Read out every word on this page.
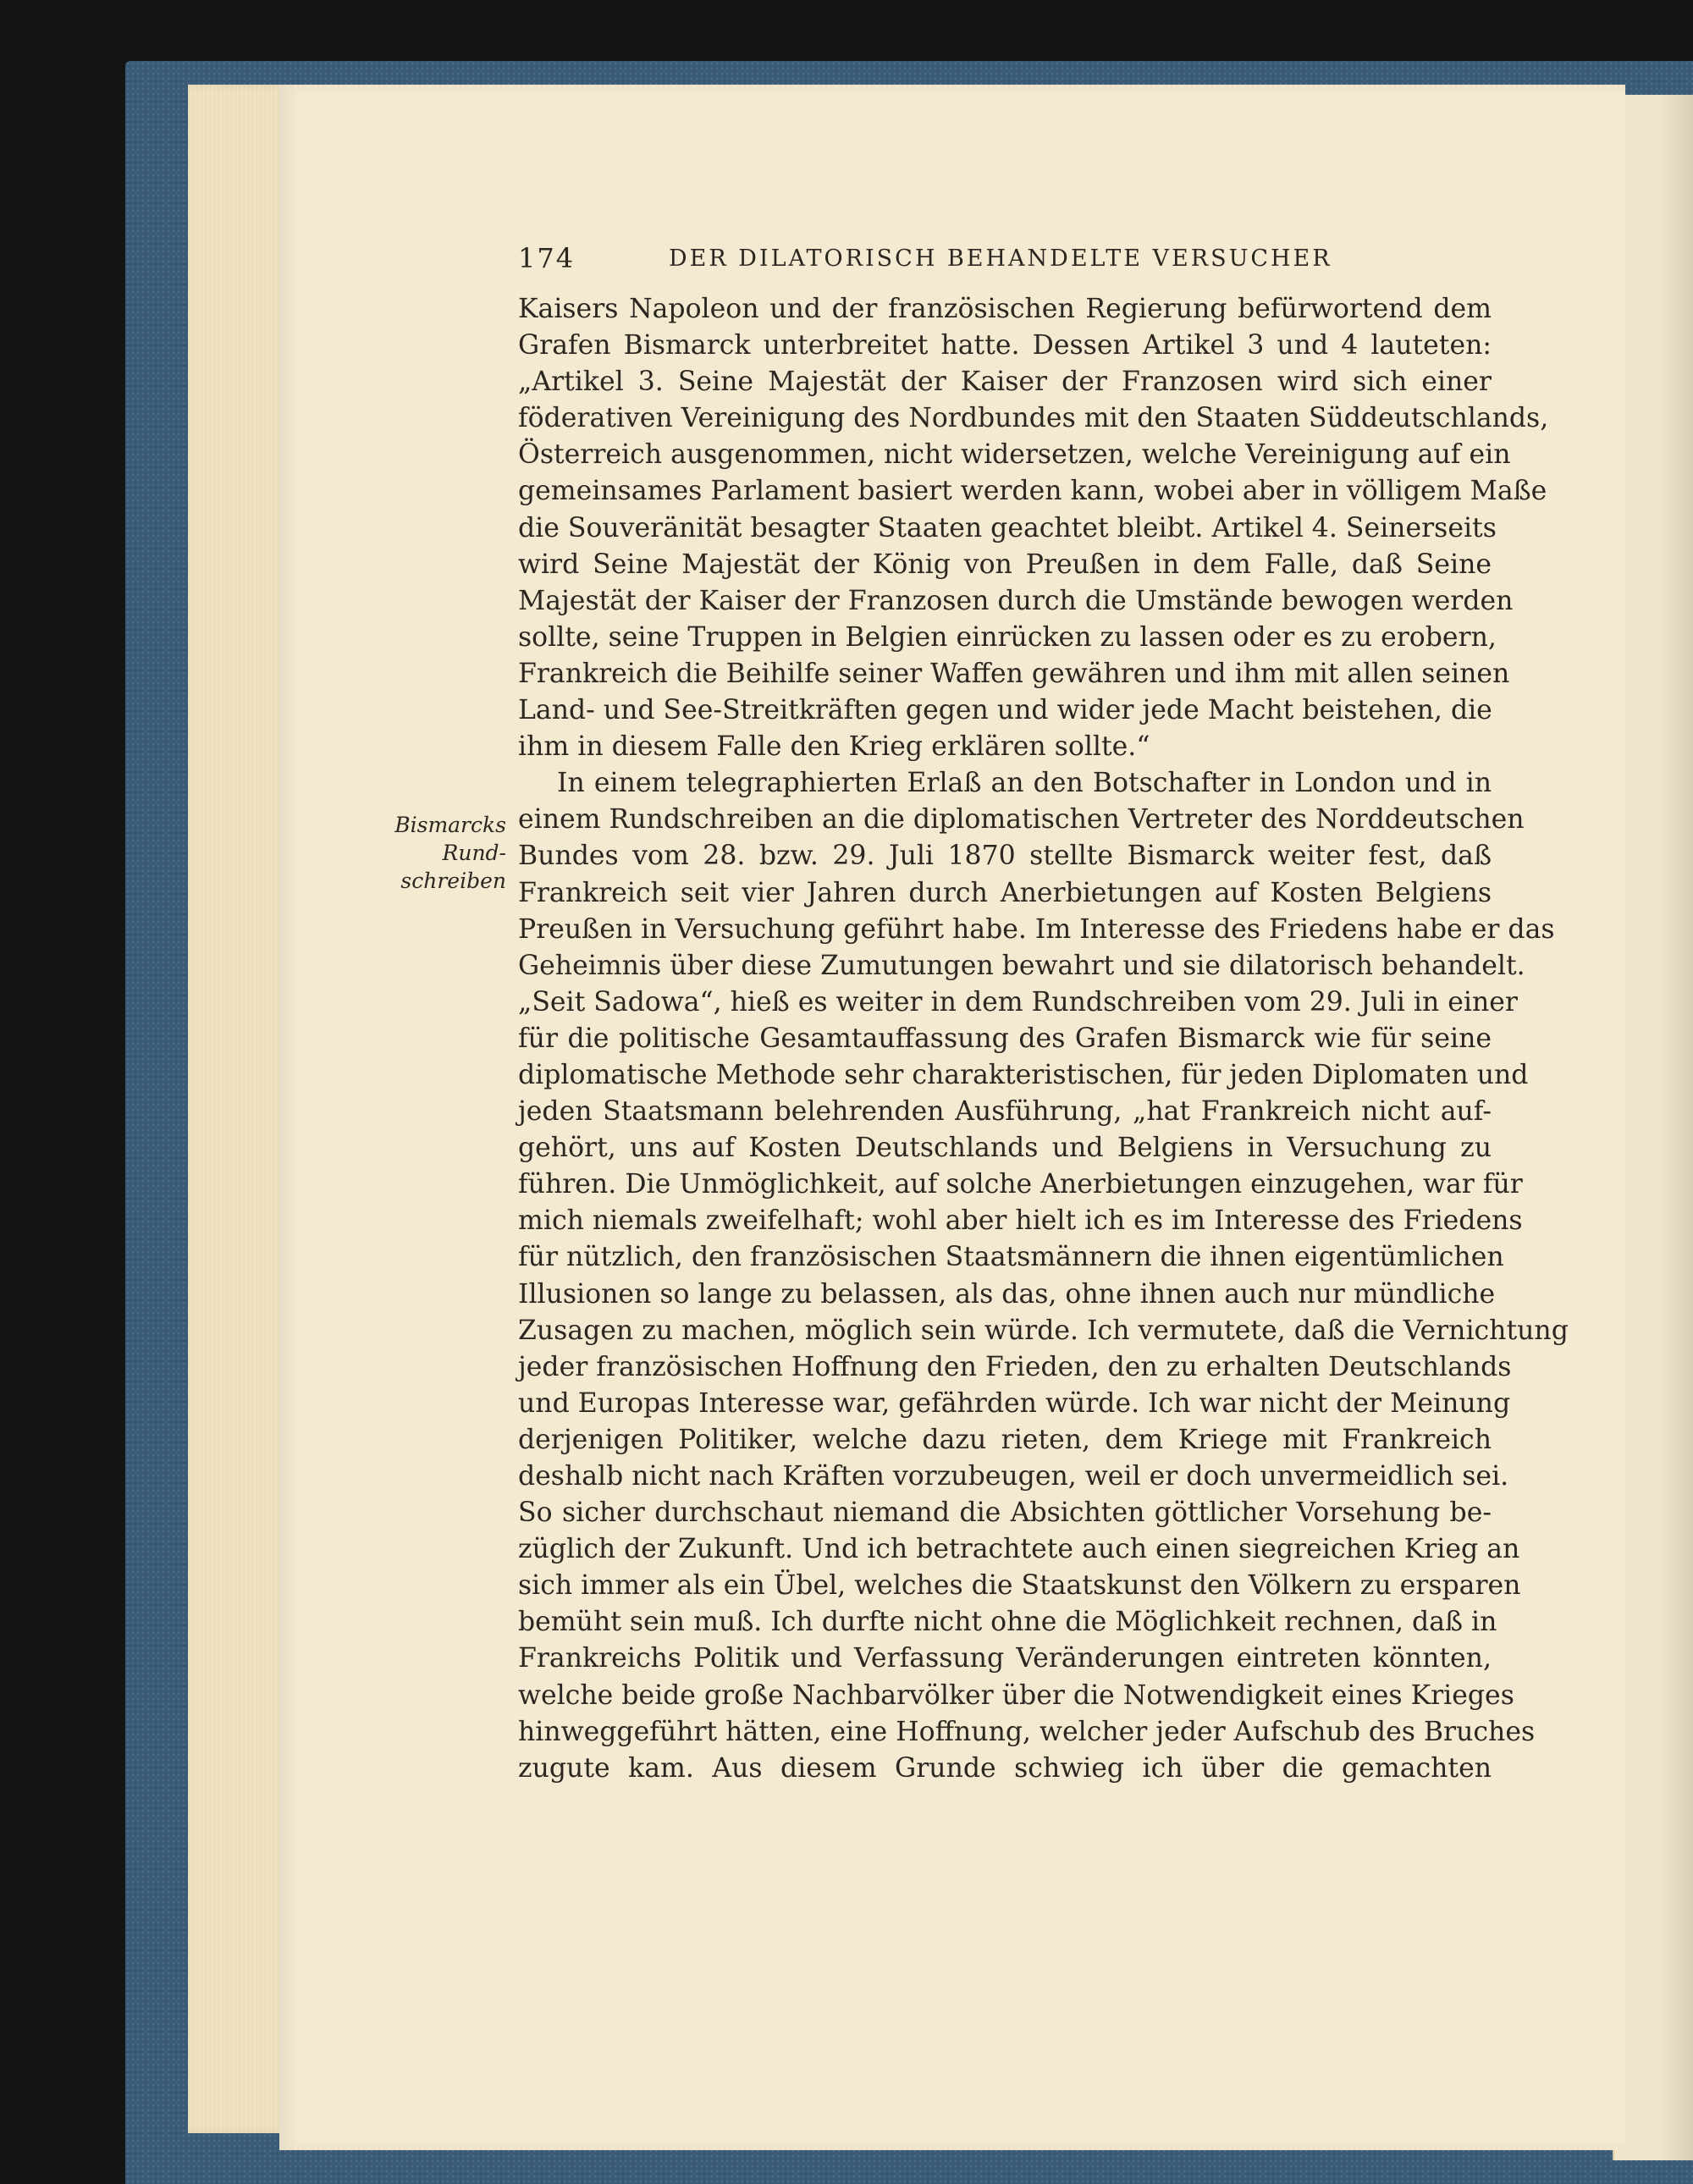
174	DER DILATORISCH BEHANDELTE VERSUCHER
Bismarcks
Rund-
schreiben
Kaisers Napoleon und der französischen Regierung befürwortend dem
Grafen Bismarck unterbreitet hatte. Dessen Artikel 3 und 4 lauteten:
„Artikel 3. Seine Majestät der Kaiser der Franzosen wird sich einer
föderativen Vereinigung des Nordbundes mit den Staaten Süddeutschlands,
Österreich ausgenommen, nicht widersetzen, welche Vereinigung auf ein
gemeinsames Parlament basiert werden kann, wobei aber in völligem Maße
die Souveränität besagter Staaten geachtet bleibt. Artikel 4. Seinerseits
wird Seine Majestät der König von Preußen in dem Falle, daß Seine
Majestät der Kaiser der Franzosen durch die Umstände bewogen werden
sollte, seine Truppen in Belgien einrücken zu lassen oder es zu erobern,
Frankreich die Beihilfe seiner Waffen gewähren und ihm mit allen seinen
Land- und See-Streitkräften gegen und wider jede Macht beistehen, die
ihm in diesem Falle den Krieg erklären sollte.“
In einem telegraphierten Erlaß an den Botschafter in London und in
einem Rundschreiben an die diplomatischen Vertreter des Norddeutschen
Bundes vom 28. bzw. 29. Juli 1870 stellte Bismarck weiter fest, daß
Frankreich seit vier Jahren durch Anerbietungen auf Kosten Belgiens
Preußen in Versuchung geführt habe. Im Interesse des Friedens habe er das
Geheimnis über diese Zumutungen bewahrt und sie dilatorisch behandelt.
„Seit Sadowa“, hieß es weiter in dem Rundschreiben vom 29. Juli in einer
für die politische Gesamtauffassung des Grafen Bismarck wie für seine
diplomatische Methode sehr charakteristischen, für jeden Diplomaten und
jeden Staatsmann belehrenden Ausführung, „hat Frankreich nicht auf-
gehört, uns auf Kosten Deutschlands und Belgiens in Versuchung zu
führen. Die Unmöglichkeit, auf solche Anerbietungen einzugehen, war für
mich niemals zweifelhaft; wohl aber hielt ich es im Interesse des Friedens
für nützlich, den französischen Staatsmännern die ihnen eigentümlichen
Illusionen so lange zu belassen, als das, ohne ihnen auch nur mündliche
Zusagen zu machen, möglich sein würde. Ich vermutete, daß die Vernichtung
jeder französischen Hoffnung den Frieden, den zu erhalten Deutschlands
und Europas Interesse war, gefährden würde. Ich war nicht der Meinung
derjenigen Politiker, welche dazu rieten, dem Kriege mit Frankreich
deshalb nicht nach Kräften vorzubeugen, weil er doch unvermeidlich sei.
So sicher durchschaut niemand die Absichten göttlicher Vorsehung be-
züglich der Zukunft. Und ich betrachtete auch einen siegreichen Krieg an
sich immer als ein Übel, welches die Staatskunst den Völkern zu ersparen
bemüht sein muß. Ich durfte nicht ohne die Möglichkeit rechnen, daß in
Frankreichs Politik und Verfassung Veränderungen eintreten könnten,
welche beide große Nachbarvölker über die Notwendigkeit eines Krieges
hinweggeführt hätten, eine Hoffnung, welcher jeder Aufschub des Bruches
zugute kam. Aus diesem Grunde schwieg ich über die gemachten
